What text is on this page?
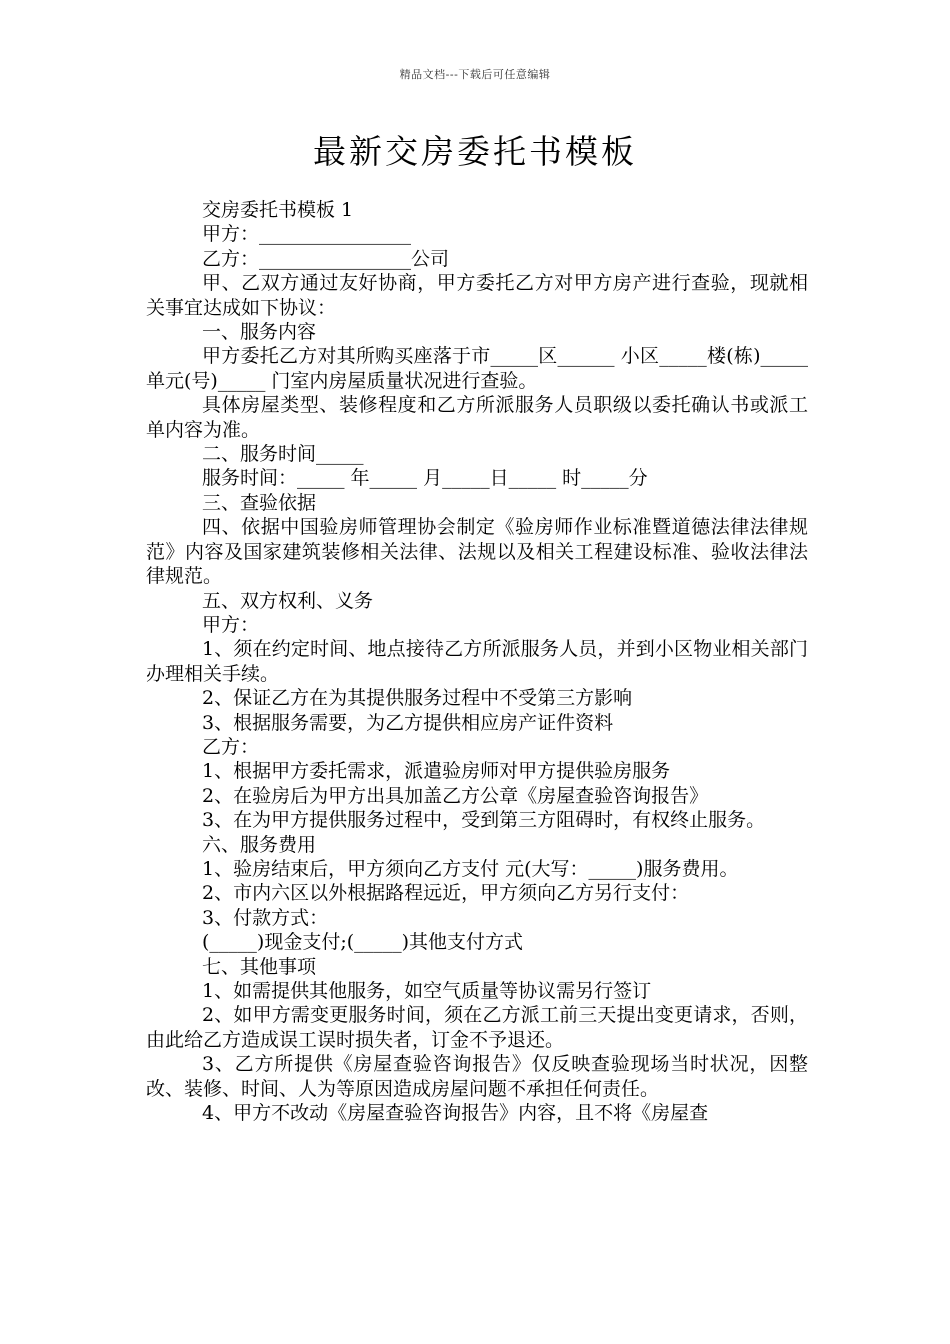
精品文档---下载后可任意编辑
最新交房委托书模板

交房委托书模板 1

甲方：________________

乙方：________________公司

甲、乙双方通过友好协商，甲方委托乙方对甲方房产进行查验，现就相关事宜达成如下协议：

一、服务内容

甲方委托乙方对其所购买座落于市_____区______ 小区_____楼(栋)_____ 单元(号)_____ 门室内房屋质量状况进行查验。

具体房屋类型、装修程度和乙方所派服务人员职级以委托确认书或派工单内容为准。

二、服务时间_____

服务时间：_____ 年_____ 月_____日_____ 时_____分

三、查验依据

四、依据中国验房师管理协会制定《验房师作业标准暨道德法律法律规范》内容及国家建筑装修相关法律、法规以及相关工程建设标准、验收法律法律规范。

五、双方权利、义务

甲方：

1、须在约定时间、地点接待乙方所派服务人员，并到小区物业相关部门办理相关手续。

2、保证乙方在为其提供服务过程中不受第三方影响

3、根据服务需要，为乙方提供相应房产证件资料

乙方：

1、根据甲方委托需求，派遣验房师对甲方提供验房服务

2、在验房后为甲方出具加盖乙方公章《房屋查验咨询报告》

3、在为甲方提供服务过程中，受到第三方阻碍时，有权终止服务。

六、服务费用

1、验房结束后，甲方须向乙方支付 元(大写：_____)服务费用。

2、市内六区以外根据路程远近，甲方须向乙方另行支付：

3、付款方式：

(_____)现金支付;(_____)其他支付方式

七、其他事项

1、如需提供其他服务，如空气质量等协议需另行签订

2、如甲方需变更服务时间，须在乙方派工前三天提出变更请求，否则，由此给乙方造成误工误时损失者，订金不予退还。

3、乙方所提供《房屋查验咨询报告》仅反映查验现场当时状况，因整改、装修、时间、人为等原因造成房屋问题不承担任何责任。

4、甲方不改动《房屋查验咨询报告》内容，且不将《房屋查
